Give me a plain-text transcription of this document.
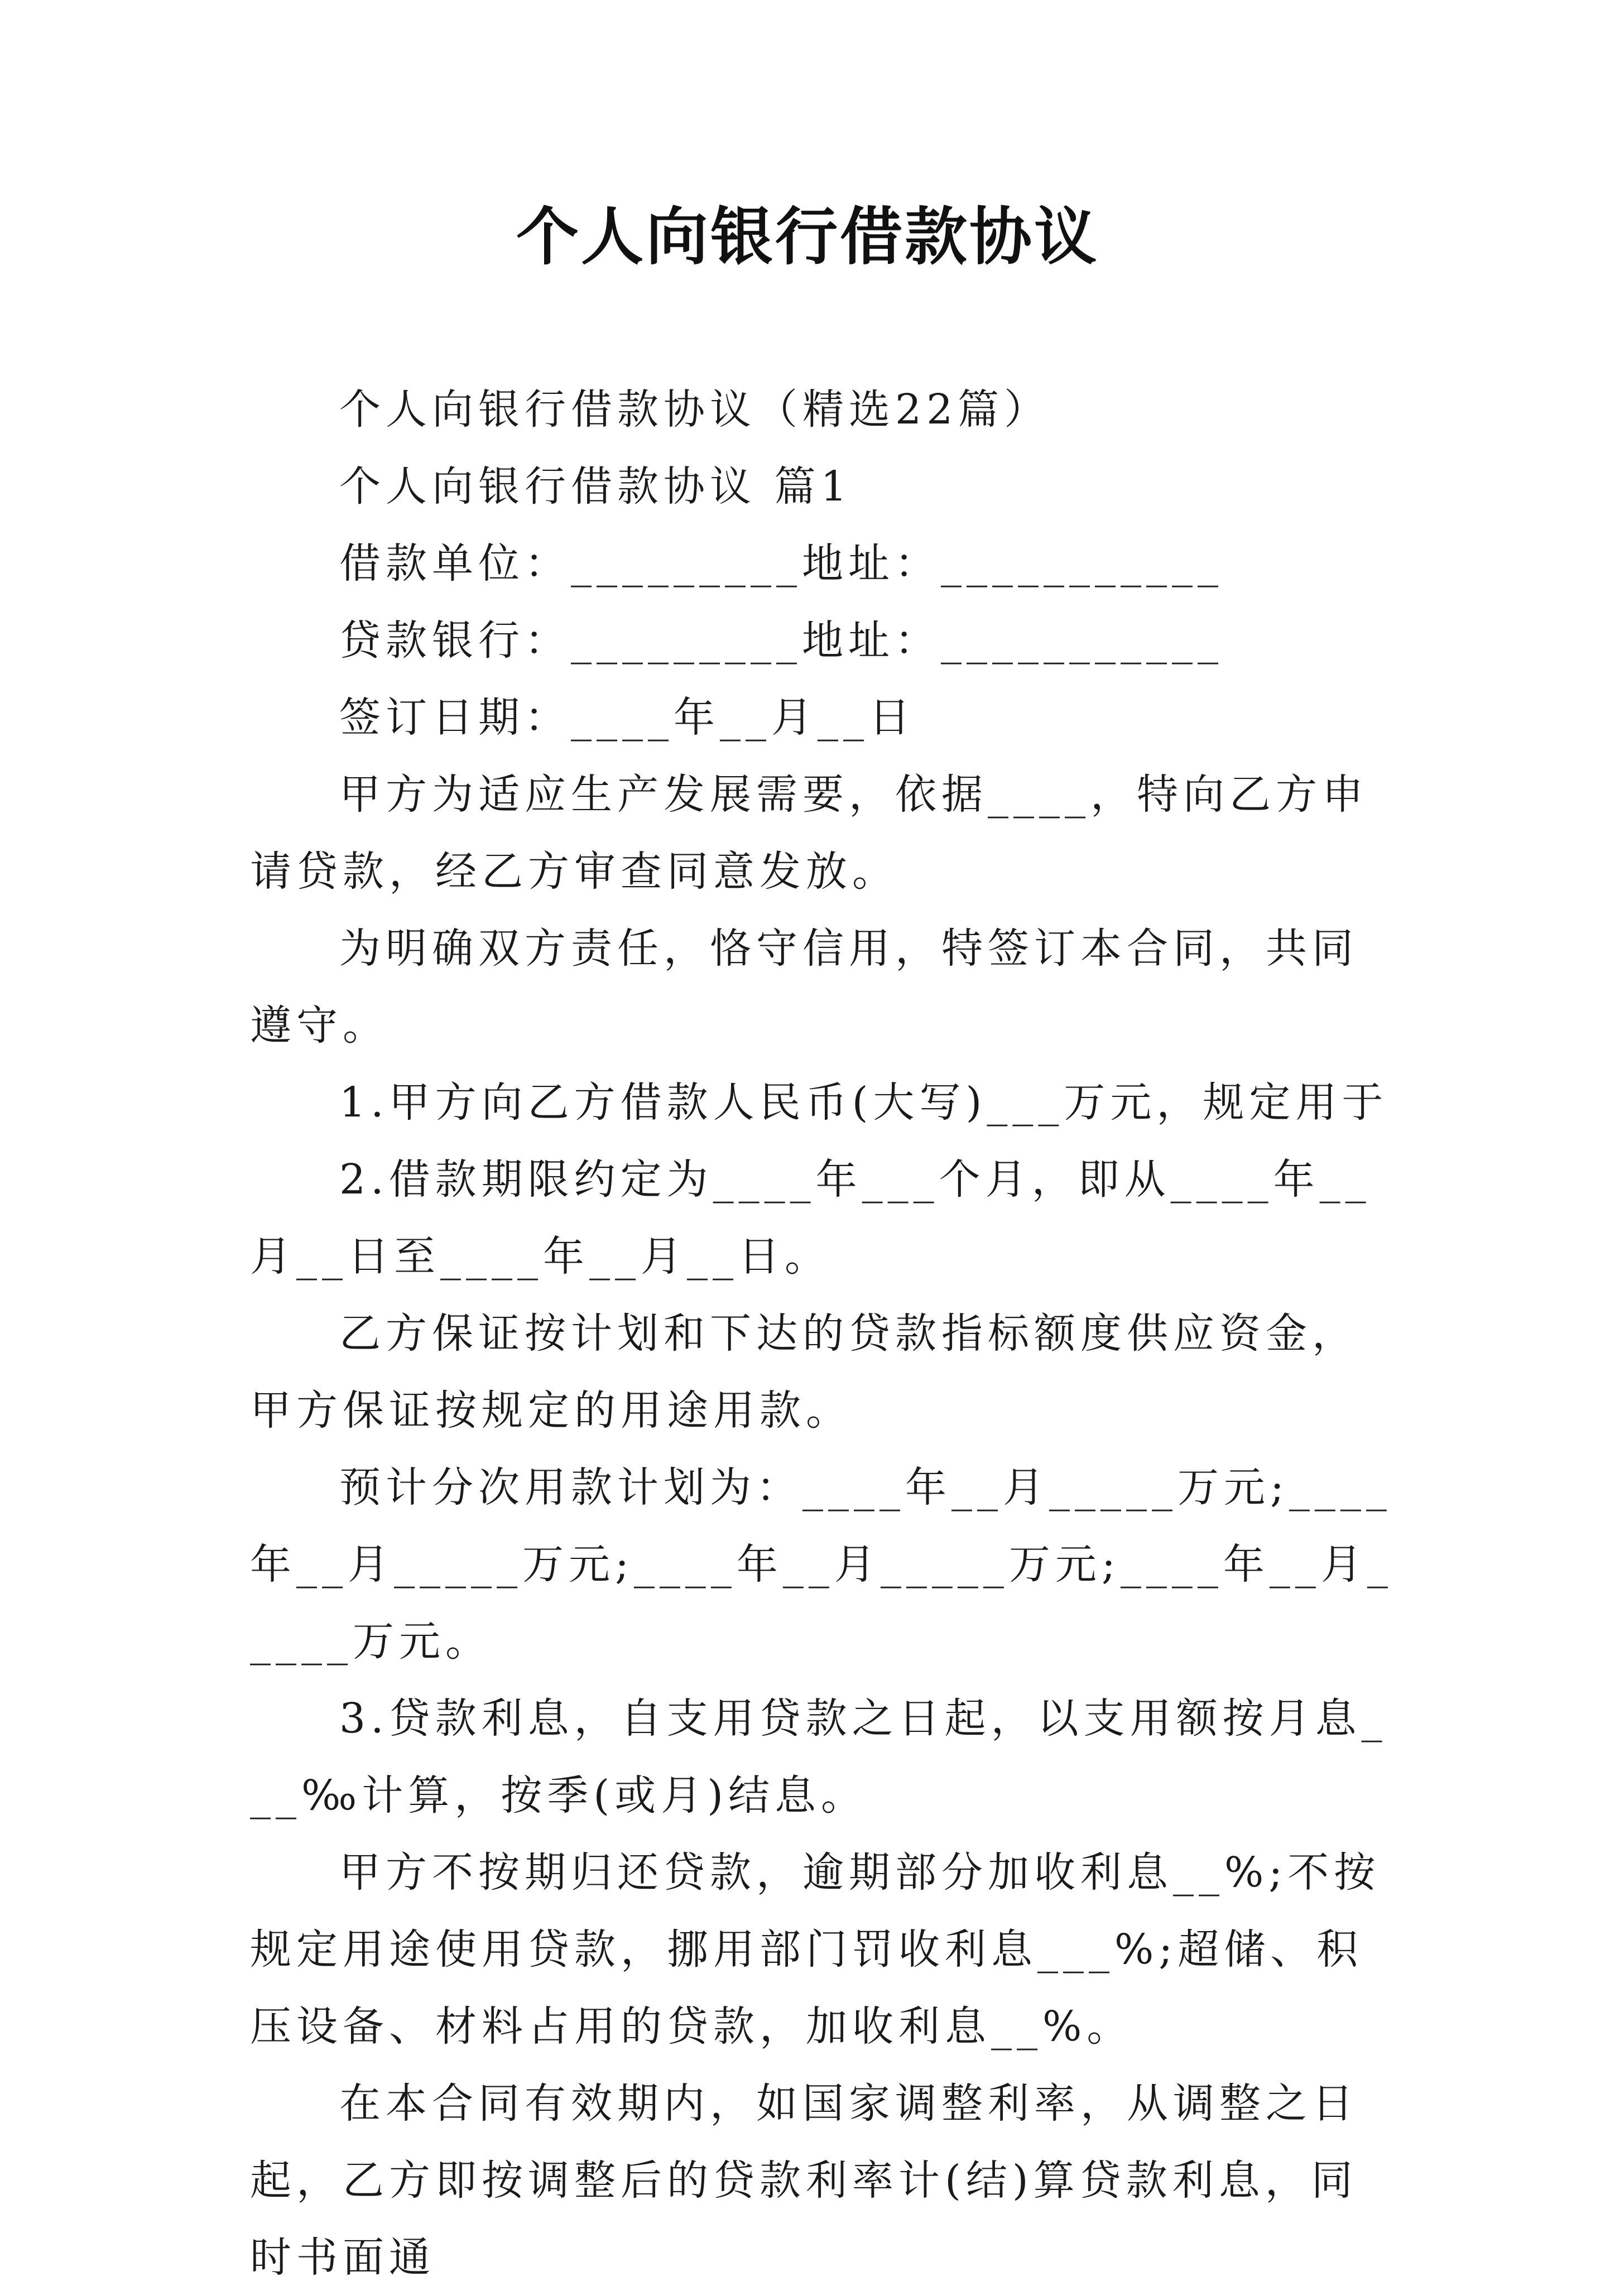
个人向银行借款协议

个人向银行借款协议（精选22篇）

个人向银行借款协议 篇1

借款单位：_________地址：___________

贷款银行：_________地址：___________

签订日期：____年__月__日

甲方为适应生产发展需要，依据____，特向乙方申请贷款，经乙方审查同意发放。

为明确双方责任，恪守信用，特签订本合同，共同遵守。

1.甲方向乙方借款人民币(大写)___万元，规定用于

2.借款期限约定为____年___个月，即从____年__月__日至____年__月__日。

乙方保证按计划和下达的贷款指标额度供应资金，甲方保证按规定的用途用款。

预计分次用款计划为：____年__月_____万元;____年__月_____万元;____年__月_____万元;____年__月_____万元。

3.贷款利息，自支用贷款之日起，以支用额按月息___‰计算，按季(或月)结息。

甲方不按期归还贷款，逾期部分加收利息__%;不按规定用途使用贷款，挪用部门罚收利息___%;超储、积压设备、材料占用的贷款，加收利息__%。

在本合同有效期内，如国家调整利率，从调整之日起，乙方即按调整后的贷款利率计(结)算贷款利息，同时书面通
